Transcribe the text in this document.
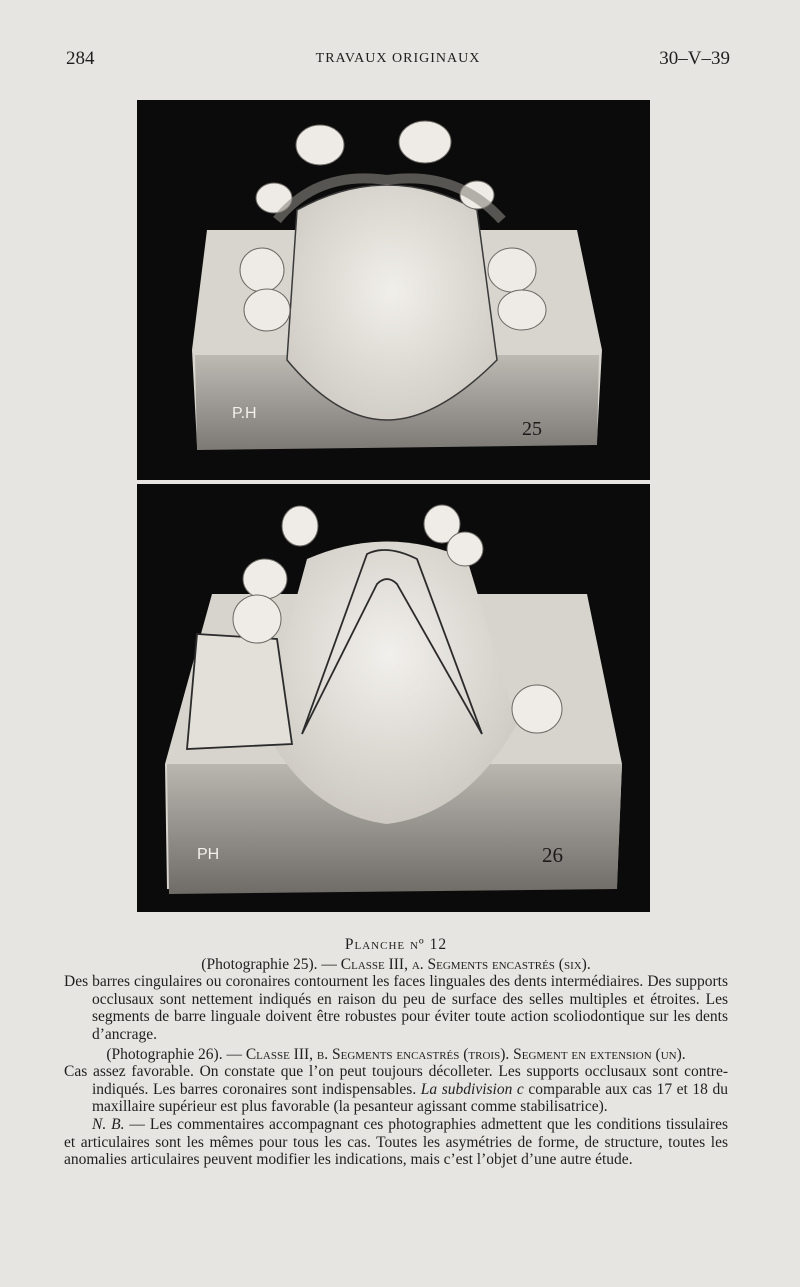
284	TRAVAUX ORIGINAUX	30–V–39
P.H
25
PH	26

Planche nº 12

(Photographie 25). — Classe III, a. Segments encastrés (six).

Des barres cingulaires ou coronaires contournent les faces linguales des dents intermédiaires. Des supports occlusaux sont nettement indiqués en raison du peu de surface des selles multiples et étroites. Les segments de barre linguale doivent être robustes pour éviter toute action scoliodontique sur les dents d’ancrage.

(Photographie 26). — Classe III, b. Segments encastrés (trois). Segment en extension (un).

Cas assez favorable. On constate que l’on peut toujours décolleter. Les supports occlusaux sont contre-indiqués. Les barres coronaires sont indispensables. La subdivision c comparable aux cas 17 et 18 du maxillaire supérieur est plus favorable (la pesanteur agissant comme stabilisatrice).

N. B. — Les commentaires accompagnant ces photographies admettent que les conditions tissulaires et articulaires sont les mêmes pour tous les cas. Toutes les asymétries de forme, de structure, toutes les anomalies articulaires peuvent modifier les indications, mais c’est l’objet d’une autre étude.
